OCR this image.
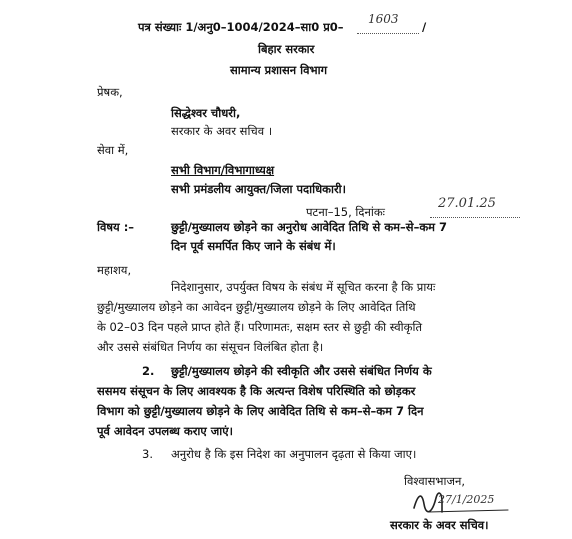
पत्र संख्याः 1/अनु0–1004/2024–सा0 प्र0–
1603
/
बिहार सरकार
सामान्य प्रशासन विभाग
प्रेषक,
सिद्धेश्वर चौधरी,
सरकार के अवर सचिव ।
सेवा में,
सभी विभाग/विभागाध्यक्ष
सभी प्रमंडलीय आयुक्त/जिला पदाधिकारी।
पटना–15, दिनांकः
27.01.25
विषय :–	छुट्टी/मुख्यालय छोड़ने का अनुरोध आवेदित तिथि से कम–से–कम 7
दिन पूर्व समर्पित किए जाने के संबंध में।
महाशय,
निदेशानुसार, उपर्युक्त विषय के संबंध में सूचित करना है कि प्रायः
छुट्टी/मुख्यालय छोड़ने का आवेदन छुट्टी/मुख्यालय छोड़ने के लिए आवेदित तिथि
के 02–03 दिन पहले प्राप्त होते हैं। परिणामतः, सक्षम स्तर से छुट्टी की स्वीकृति
और उससे संबंधित निर्णय का संसूचन विलंबित होता है।
2. छुट्टी/मुख्यालय छोड़ने की स्वीकृति और उससे संबंधित निर्णय के
ससमय संसूचन के लिए आवश्यक है कि अत्यन्त विशेष परिस्थिति को छोड़कर
विभाग को छुट्टी/मुख्यालय छोड़ने के लिए आवेदित तिथि से कम–से–कम 7 दिन
पूर्व आवेदन उपलब्ध कराए जाएं।
3. अनुरोध है कि इस निदेश का अनुपालन दृढ़ता से किया जाए।
विश्वासभाजन,
27/1/2025
सरकार के अवर सचिव।
